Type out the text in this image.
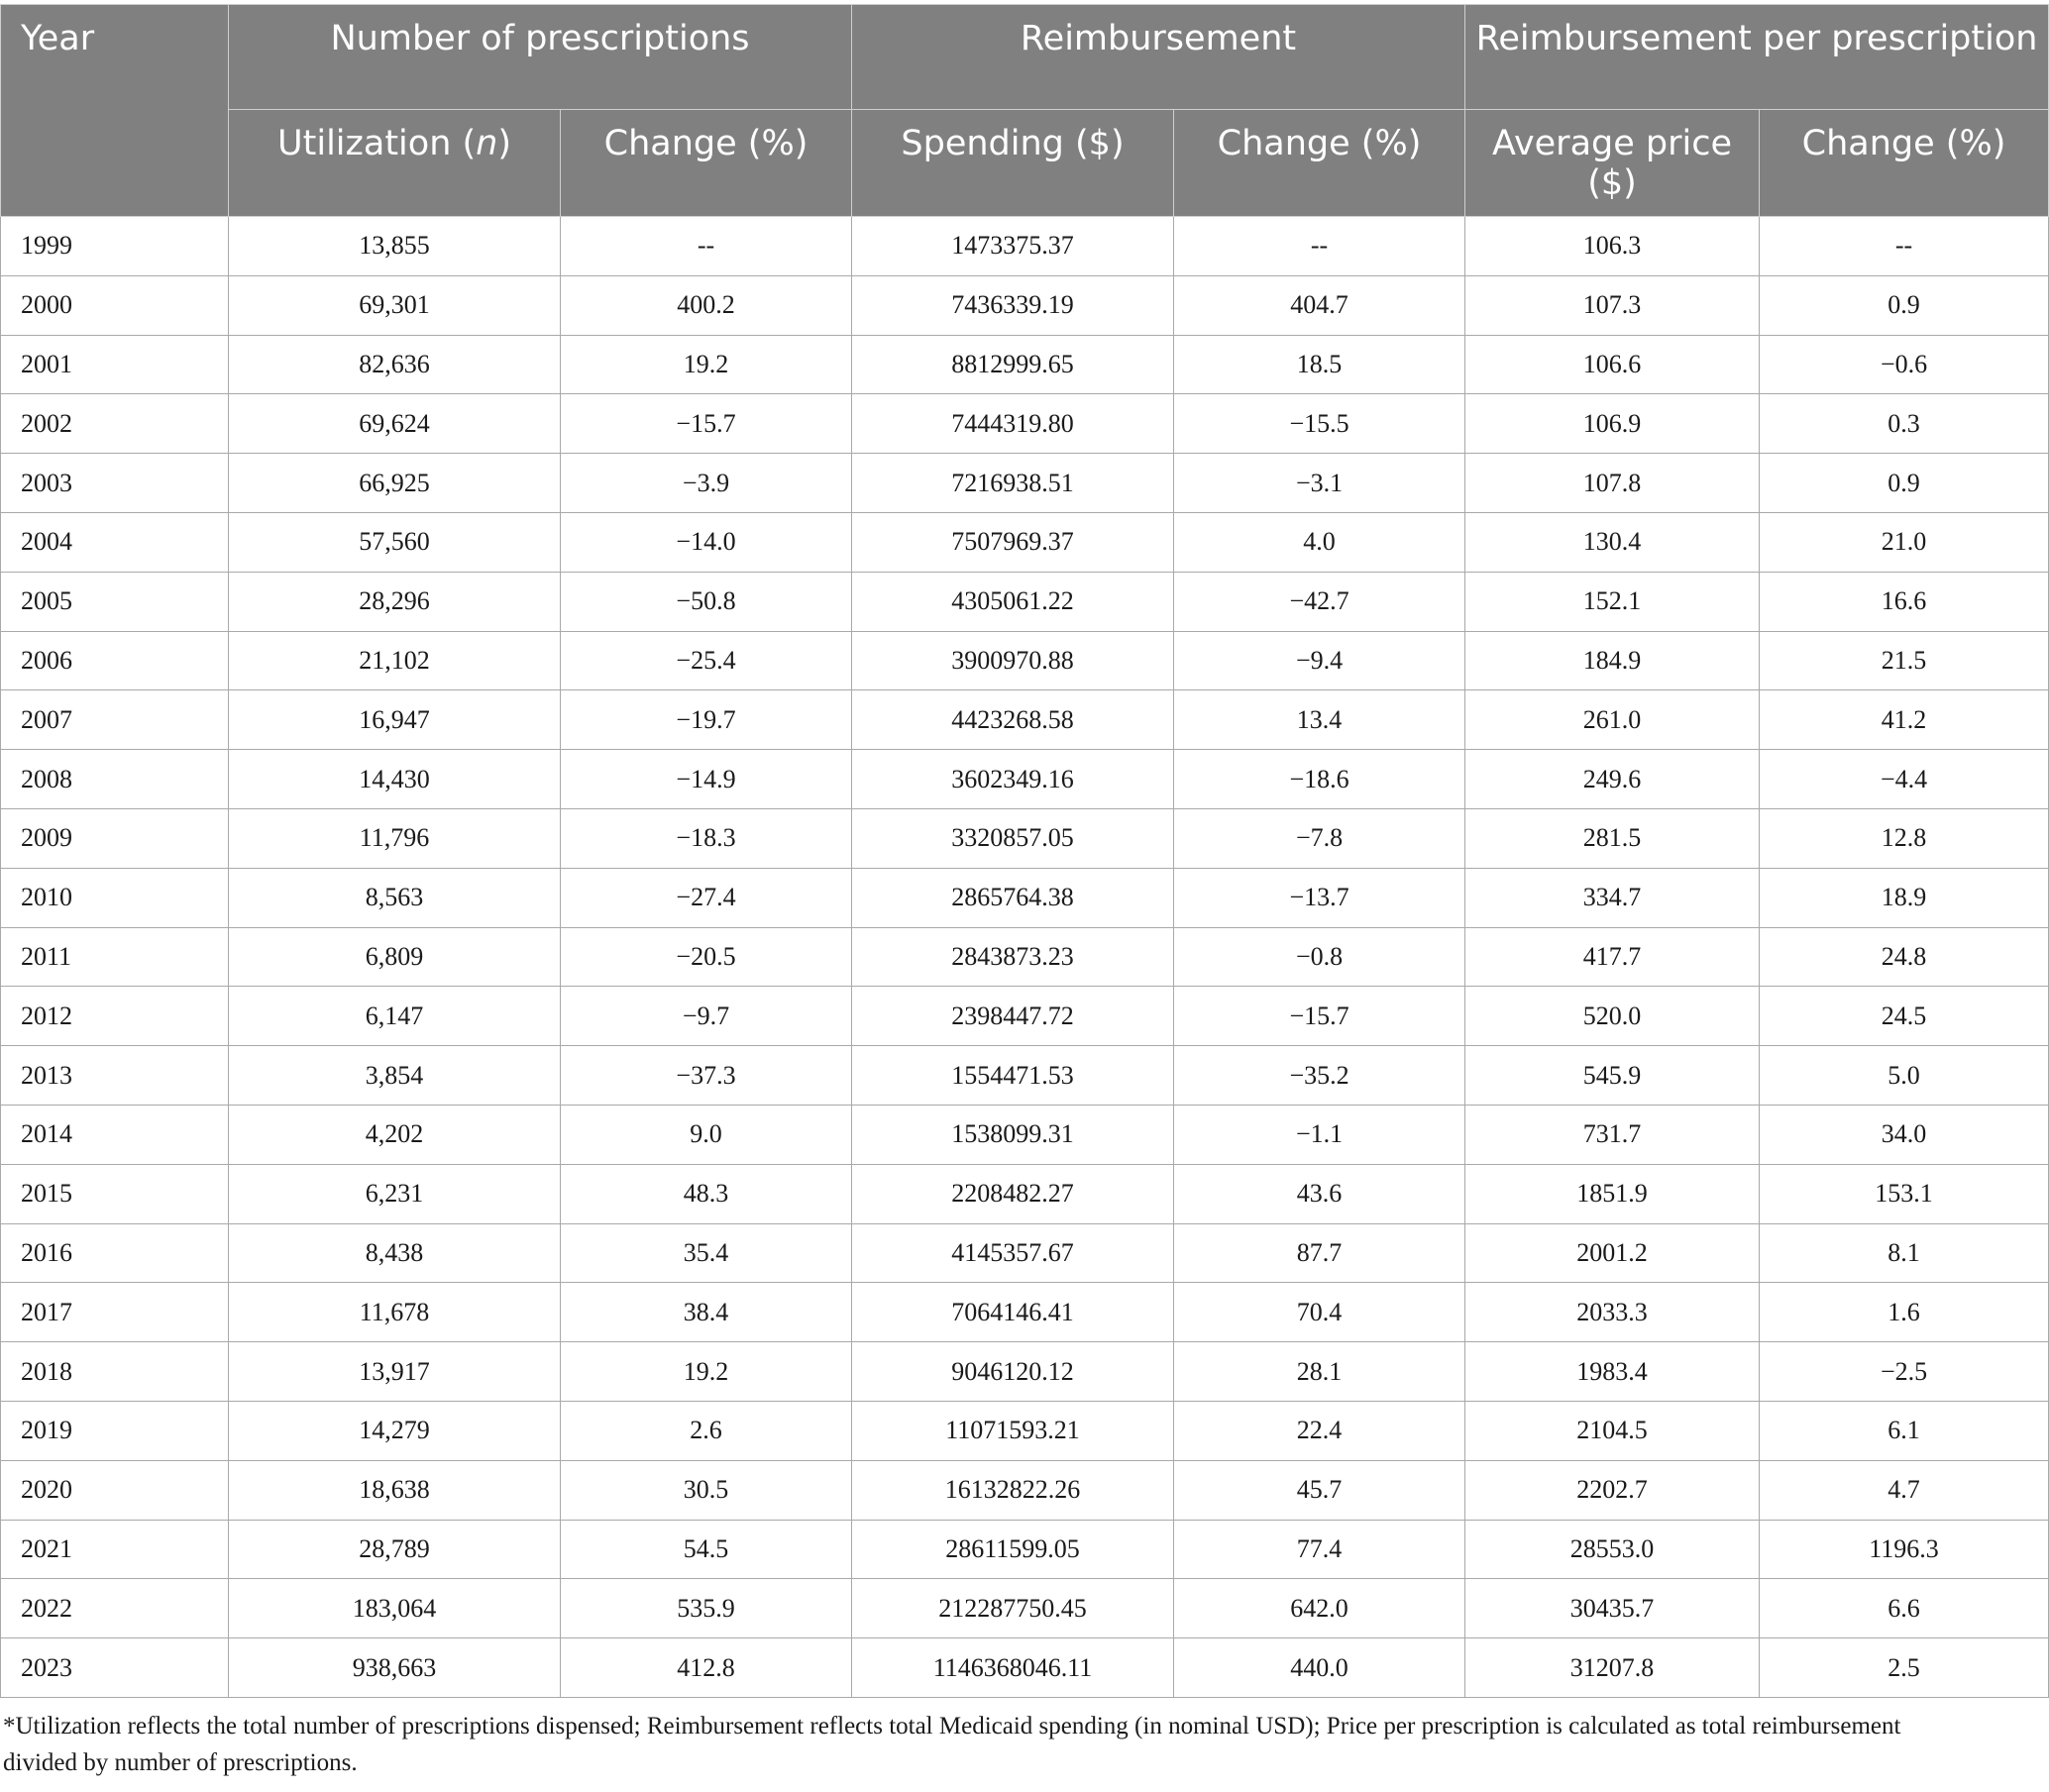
Year	Number of prescriptions		Reimbursement		Reimbursement per prescription	
	Utilization (n)	Change (%)	Spending ($)	Change (%)	Average price ($)	Change (%)
1999	13,855	--	1473375.37	--	106.3	--
2000	69,301	400.2	7436339.19	404.7	107.3	0.9
2001	82,636	19.2	8812999.65	18.5	106.6	−0.6
2002	69,624	−15.7	7444319.80	−15.5	106.9	0.3
2003	66,925	−3.9	7216938.51	−3.1	107.8	0.9
2004	57,560	−14.0	7507969.37	4.0	130.4	21.0
2005	28,296	−50.8	4305061.22	−42.7	152.1	16.6
2006	21,102	−25.4	3900970.88	−9.4	184.9	21.5
2007	16,947	−19.7	4423268.58	13.4	261.0	41.2
2008	14,430	−14.9	3602349.16	−18.6	249.6	−4.4
2009	11,796	−18.3	3320857.05	−7.8	281.5	12.8
2010	8,563	−27.4	2865764.38	−13.7	334.7	18.9
2011	6,809	−20.5	2843873.23	−0.8	417.7	24.8
2012	6,147	−9.7	2398447.72	−15.7	520.0	24.5
2013	3,854	−37.3	1554471.53	−35.2	545.9	5.0
2014	4,202	9.0	1538099.31	−1.1	731.7	34.0
2015	6,231	48.3	2208482.27	43.6	1851.9	153.1
2016	8,438	35.4	4145357.67	87.7	2001.2	8.1
2017	11,678	38.4	7064146.41	70.4	2033.3	1.6
2018	13,917	19.2	9046120.12	28.1	1983.4	−2.5
2019	14,279	2.6	11071593.21	22.4	2104.5	6.1
2020	18,638	30.5	16132822.26	45.7	2202.7	4.7
2021	28,789	54.5	28611599.05	77.4	28553.0	1196.3
2022	183,064	535.9	212287750.45	642.0	30435.7	6.6
2023	938,663	412.8	1146368046.11	440.0	31207.8	2.5

*Utilization reflects the total number of prescriptions dispensed; Reimbursement reflects total Medicaid spending (in nominal USD); Price per prescription is calculated as total reimbursement divided by number of prescriptions.
